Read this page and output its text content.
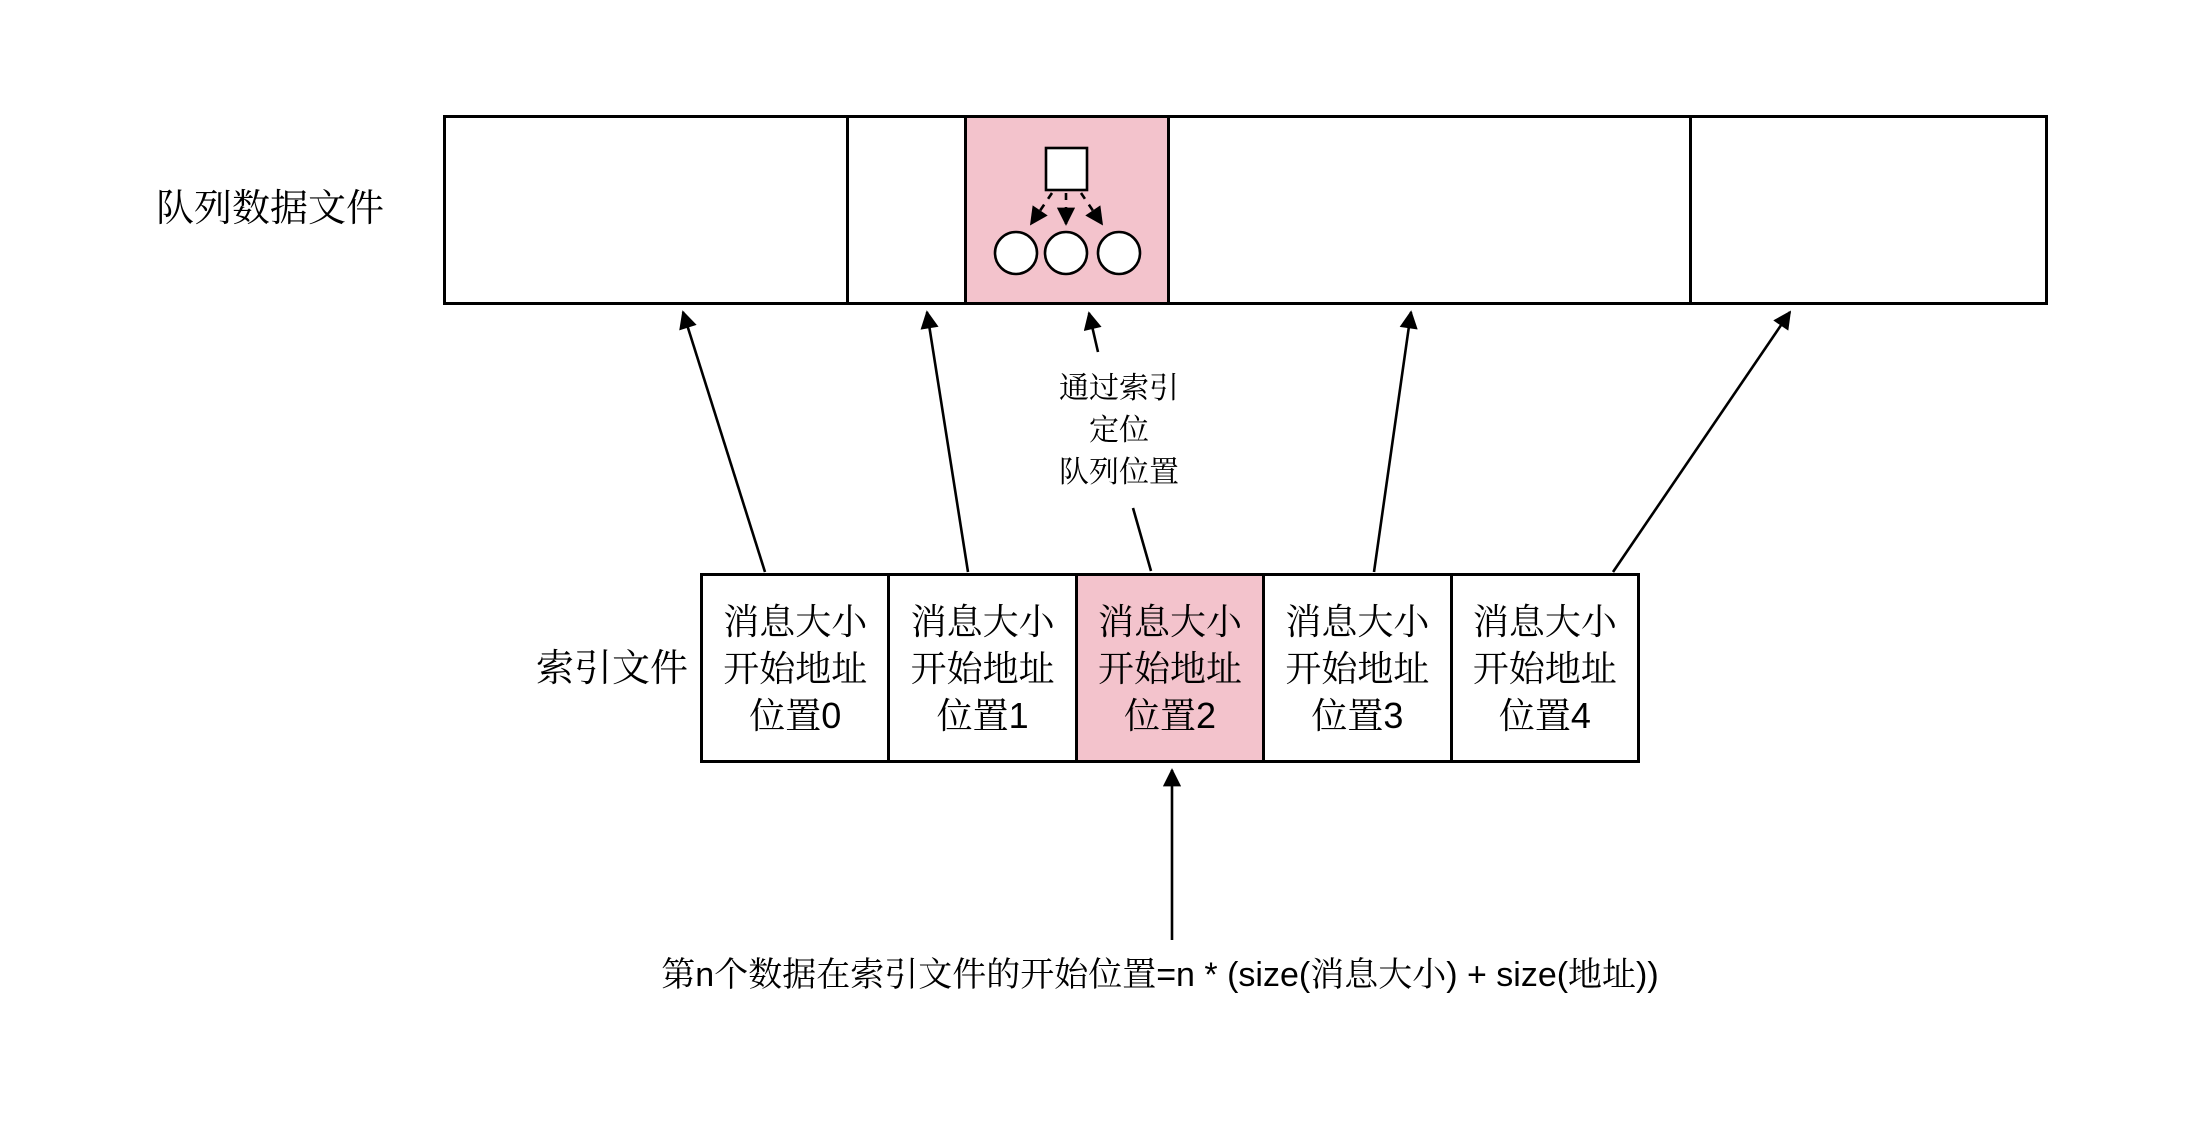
队列数据文件
索引文件
消息大小
开始地址
位置0
消息大小
开始地址
位置1
消息大小
开始地址
位置2
消息大小
开始地址
位置3
消息大小
开始地址
位置4
通过索引
定位
队列位置
第n个数据在索引文件的开始位置=n * (size(消息大小) + size(地址))
